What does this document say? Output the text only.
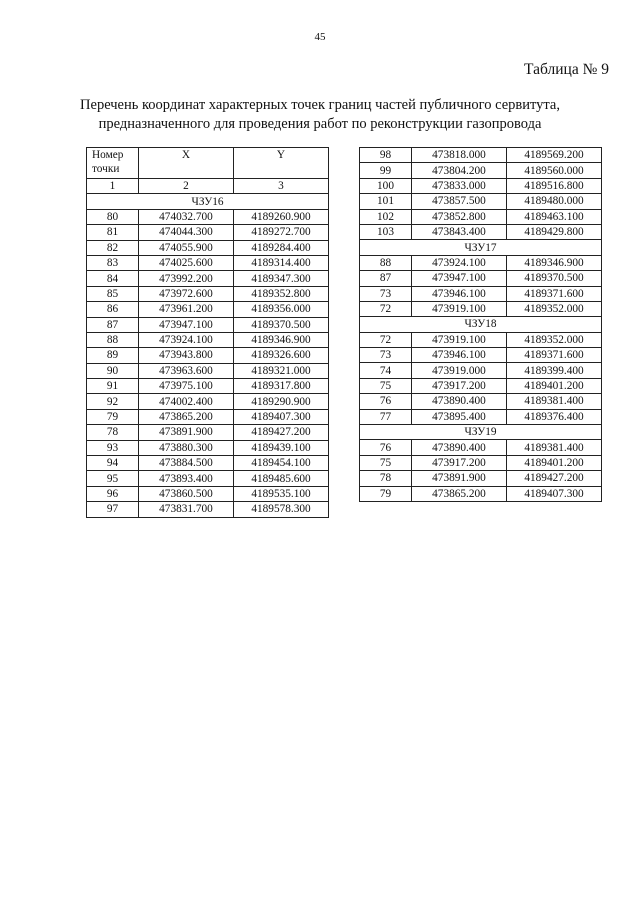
45
Таблица № 9
Перечень координат характерных точек границ частей публичного сервитута,
предназначенного для проведения работ по реконструкции газопровода
Номер
точки	X	Y
1	2	3
ЧЗУ16		
80	474032.700	4189260.900
81	474044.300	4189272.700
82	474055.900	4189284.400
83	474025.600	4189314.400
84	473992.200	4189347.300
85	473972.600	4189352.800
86	473961.200	4189356.000
87	473947.100	4189370.500
88	473924.100	4189346.900
89	473943.800	4189326.600
90	473963.600	4189321.000
91	473975.100	4189317.800
92	474002.400	4189290.900
79	473865.200	4189407.300
78	473891.900	4189427.200
93	473880.300	4189439.100
94	473884.500	4189454.100
95	473893.400	4189485.600
96	473860.500	4189535.100
97	473831.700	4189578.300
98	473818.000	4189569.200
99	473804.200	4189560.000
100	473833.000	4189516.800
101	473857.500	4189480.000
102	473852.800	4189463.100
103	473843.400	4189429.800
ЧЗУ17		
88	473924.100	4189346.900
87	473947.100	4189370.500
73	473946.100	4189371.600
72	473919.100	4189352.000
ЧЗУ18		
72	473919.100	4189352.000
73	473946.100	4189371.600
74	473919.000	4189399.400
75	473917.200	4189401.200
76	473890.400	4189381.400
77	473895.400	4189376.400
ЧЗУ19		
76	473890.400	4189381.400
75	473917.200	4189401.200
78	473891.900	4189427.200
79	473865.200	4189407.300
